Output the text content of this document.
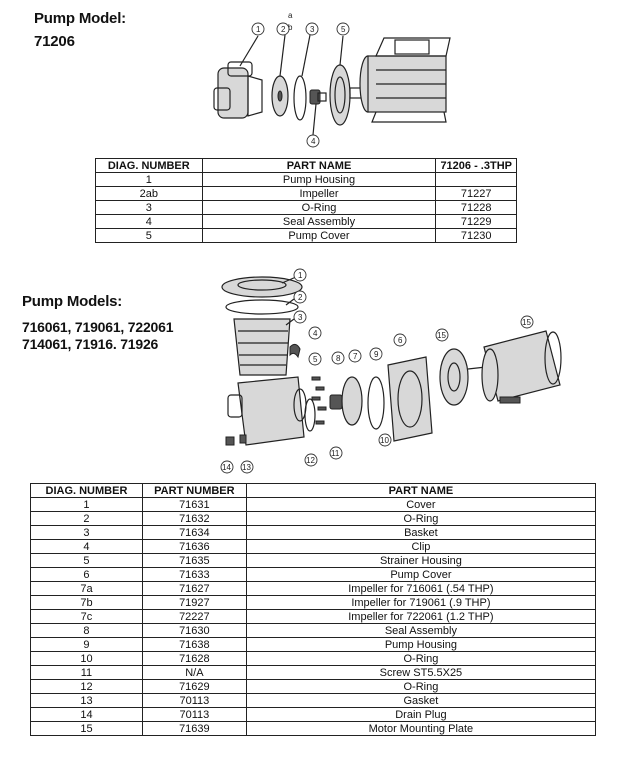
Pump Model:
71206
1	2
a
b 3
4
5
DIAG. NUMBER	PART NAME	71206 - .3THP
1	Pump Housing	
2ab	Impeller	71227
3	O-Ring	71228
4	Seal Assembly	71229
5	Pump Cover	71230
Pump Models:
716061, 719061, 722061
714061, 71916. 71926
1
2
3
4
5
6
7
8	9
10
11
12
13
14
15
15
DIAG. NUMBER	PART NUMBER	PART NAME
1	71631	Cover
2	71632	O-Ring
3	71634	Basket
4	71636	Clip
5	71635	Strainer Housing
6	71633	Pump Cover
7a	71627	Impeller for 716061 (.54 THP)
7b	71927	Impeller for 719061 (.9 THP)
7c	72227	Impeller for 722061 (1.2 THP)
8	71630	Seal Assembly
9	71638	Pump Housing
10	71628	O-Ring
11	N/A	Screw ST5.5X25
12	71629	O-Ring
13	70113	Gasket
14	70113	Drain Plug
15	71639	Motor Mounting Plate
